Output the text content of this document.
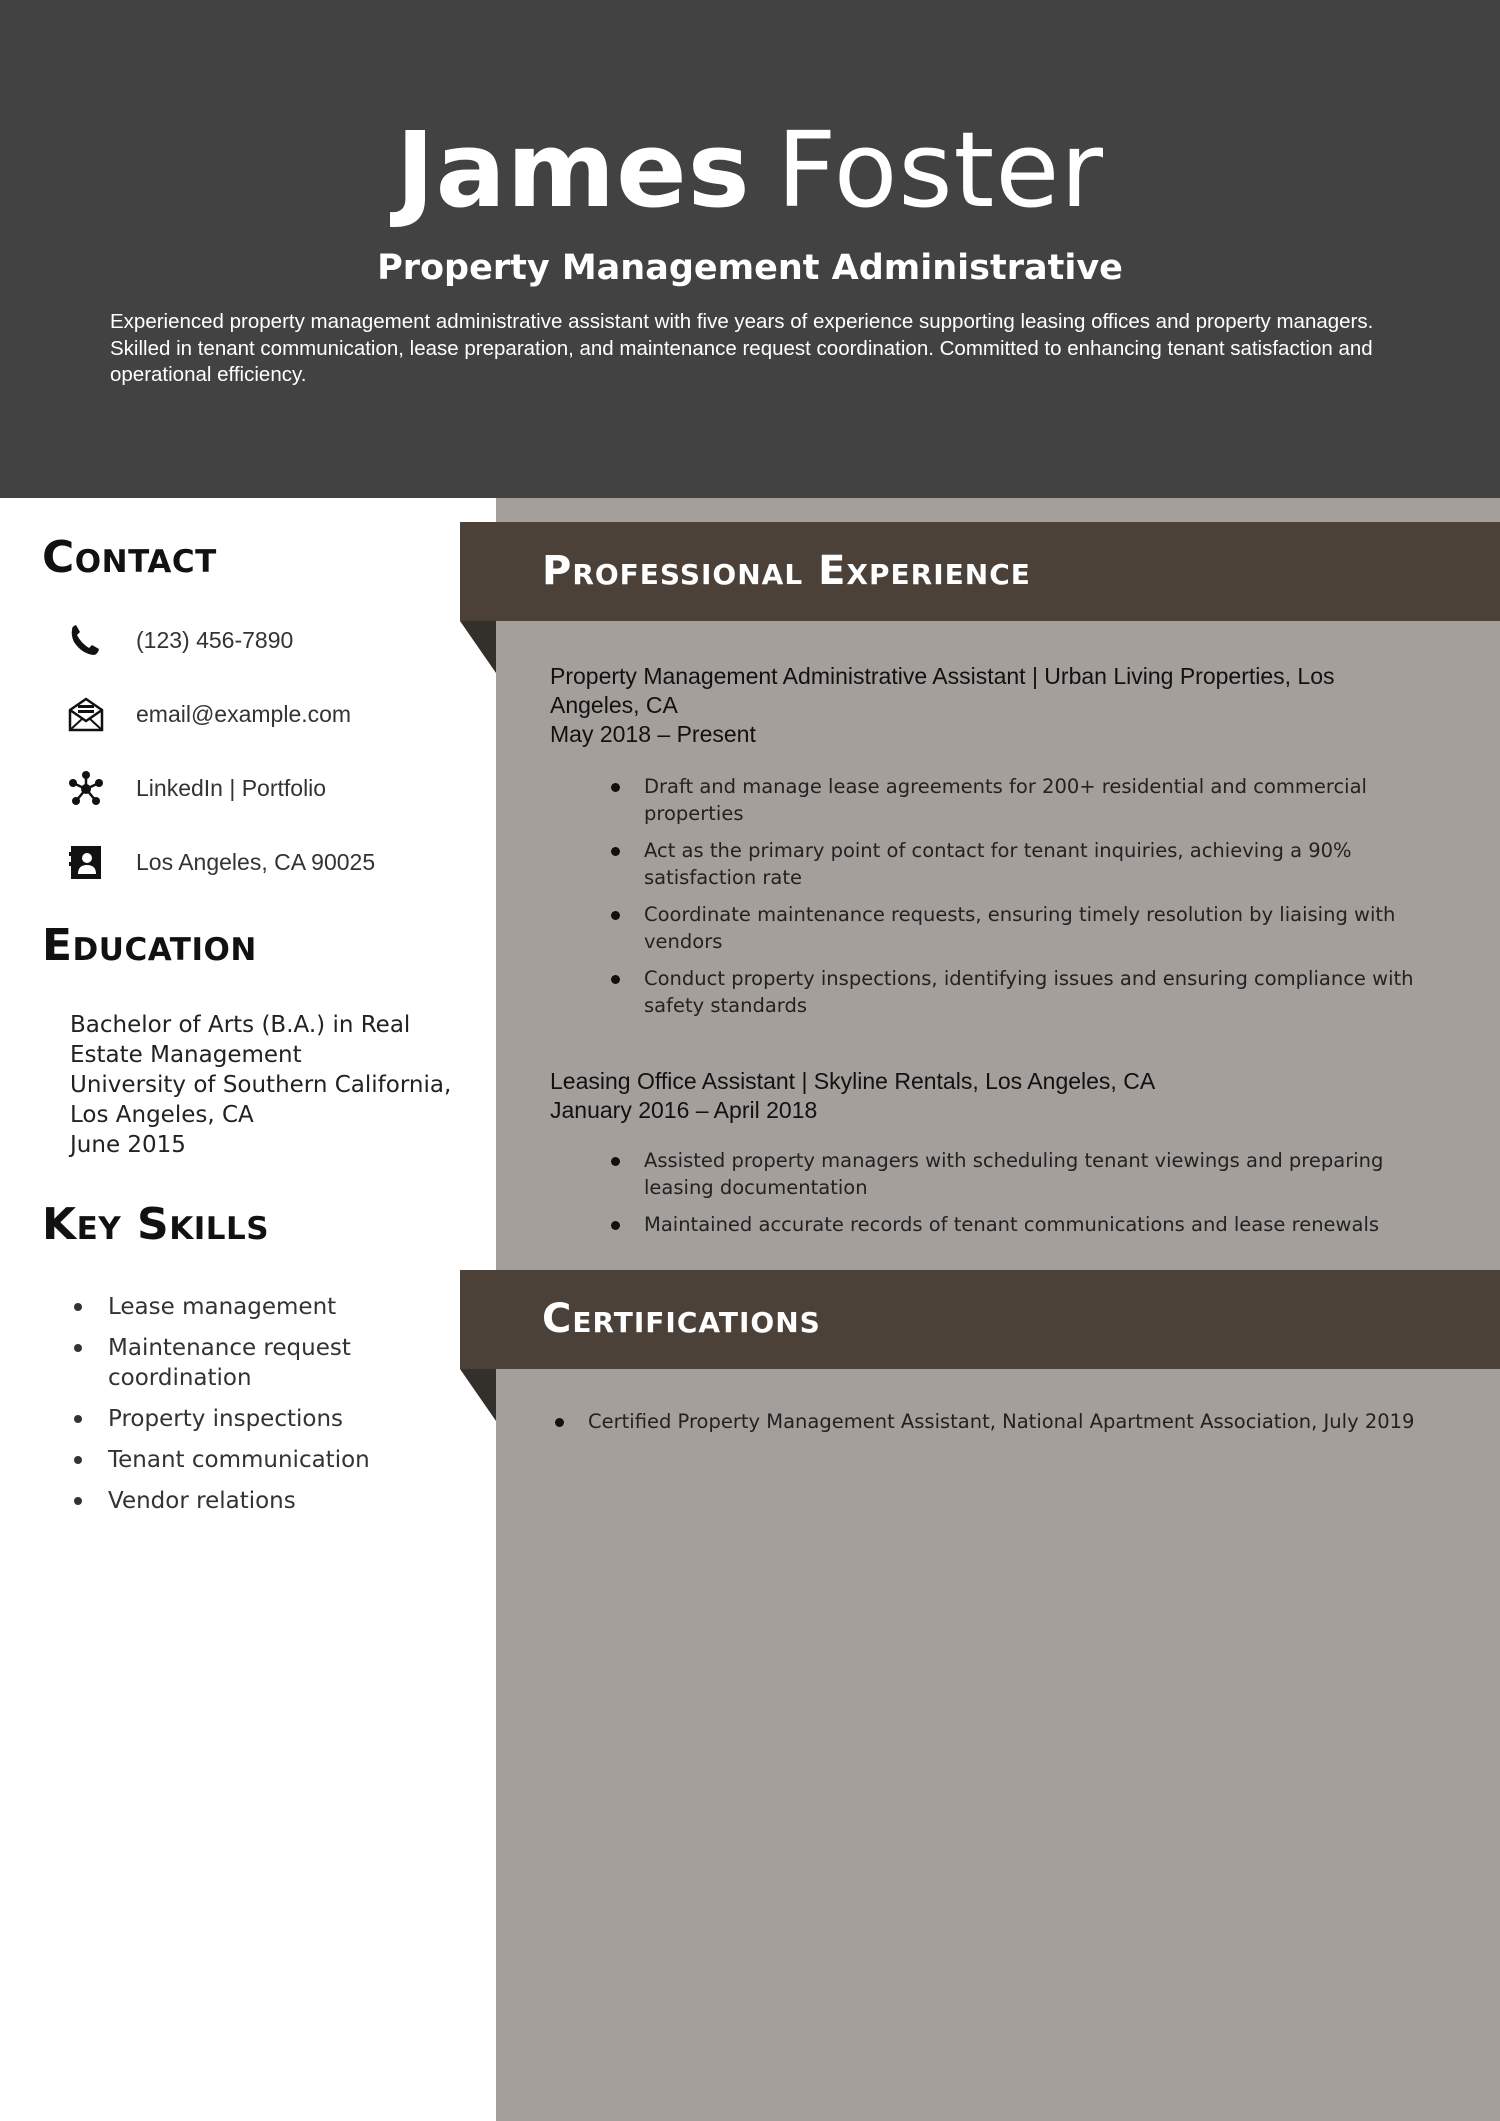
James Foster
Property Management Administrative
Experienced property management administrative assistant with five years of experience supporting leasing offices and property managers. Skilled in tenant communication, lease preparation, and maintenance request coordination. Committed to enhancing tenant satisfaction and operational efficiency.
Professional Experience
Property Management Administrative Assistant | Urban Living Properties, Los Angeles, CA
May 2018 – Present
Draft and manage lease agreements for 200+ residential and commercial properties
Act as the primary point of contact for tenant inquiries, achieving a 90% satisfaction rate
Coordinate maintenance requests, ensuring timely resolution by liaising with vendors
Conduct property inspections, identifying issues and ensuring compliance with safety standards
Leasing Office Assistant | Skyline Rentals, Los Angeles, CA
January 2016 – April 2018
Assisted property managers with scheduling tenant viewings and preparing leasing documentation
Maintained accurate records of tenant communications and lease renewals
Certifications
Certified Property Management Assistant, National Apartment Association, July 2019
Contact
(123) 456-7890
email@example.com
LinkedIn | Portfolio
Los Angeles, CA 90025
Education
Bachelor of Arts (B.A.) in Real
Estate Management
University of Southern California,
Los Angeles, CA
June 2015
Key Skills
Lease management
Maintenance request coordination
Property inspections
Tenant communication
Vendor relations
